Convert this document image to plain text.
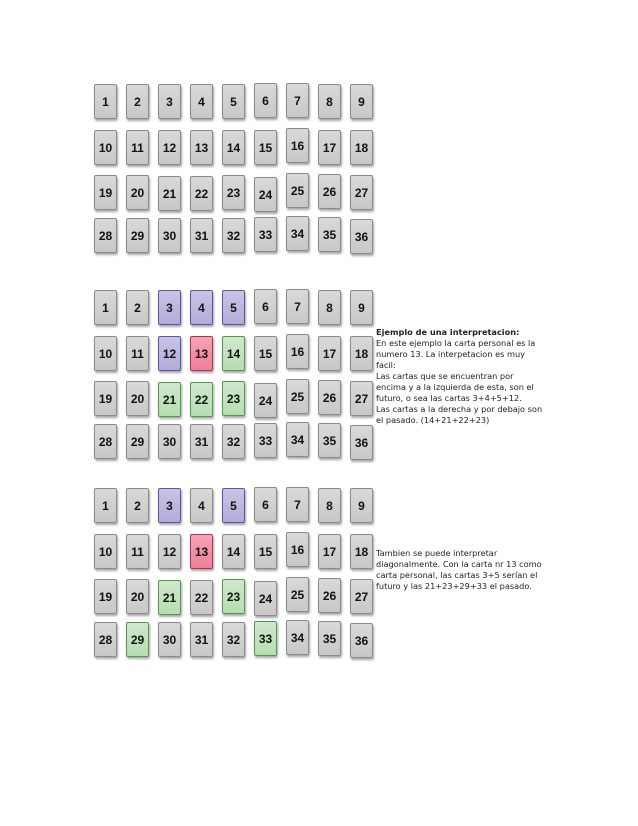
1	2	3	4	5	6	7	8	9
10	11	12	13	14	15	16	17	18
19	20	21	22	23	24	25	26	27
28	29	30	31	32	33	34	35	36
1	2	3	4	5	6	7	8	9
10	11	12	13	14	15	16	17	18
19	20	21	22	23	24	25	26	27
28	29	30	31	32	33	34	35	36
1	2	3	4	5	6	7	8	9
10	11	12	13	14	15	16	17	18
19	20	21	22	23	24	25	26	27
28	29	30	31	32	33	34	35	36

Ejemplo de una interpretacion:

En este ejemplo la carta personal es la

numero 13. La interpetacion es muy

facil:

Las cartas que se encuentran por

encima y a la izquierda de esta, son el

futuro, o sea las cartas 3+4+5+12.

Las cartas a la derecha y por debajo son

el pasado. (14+21+22+23)

Tambien se puede interpretar

diagonalmente. Con la carta nr 13 como

carta personal, las cartas 3+5 serían el

futuro y las 21+23+29+33 el pasado.
